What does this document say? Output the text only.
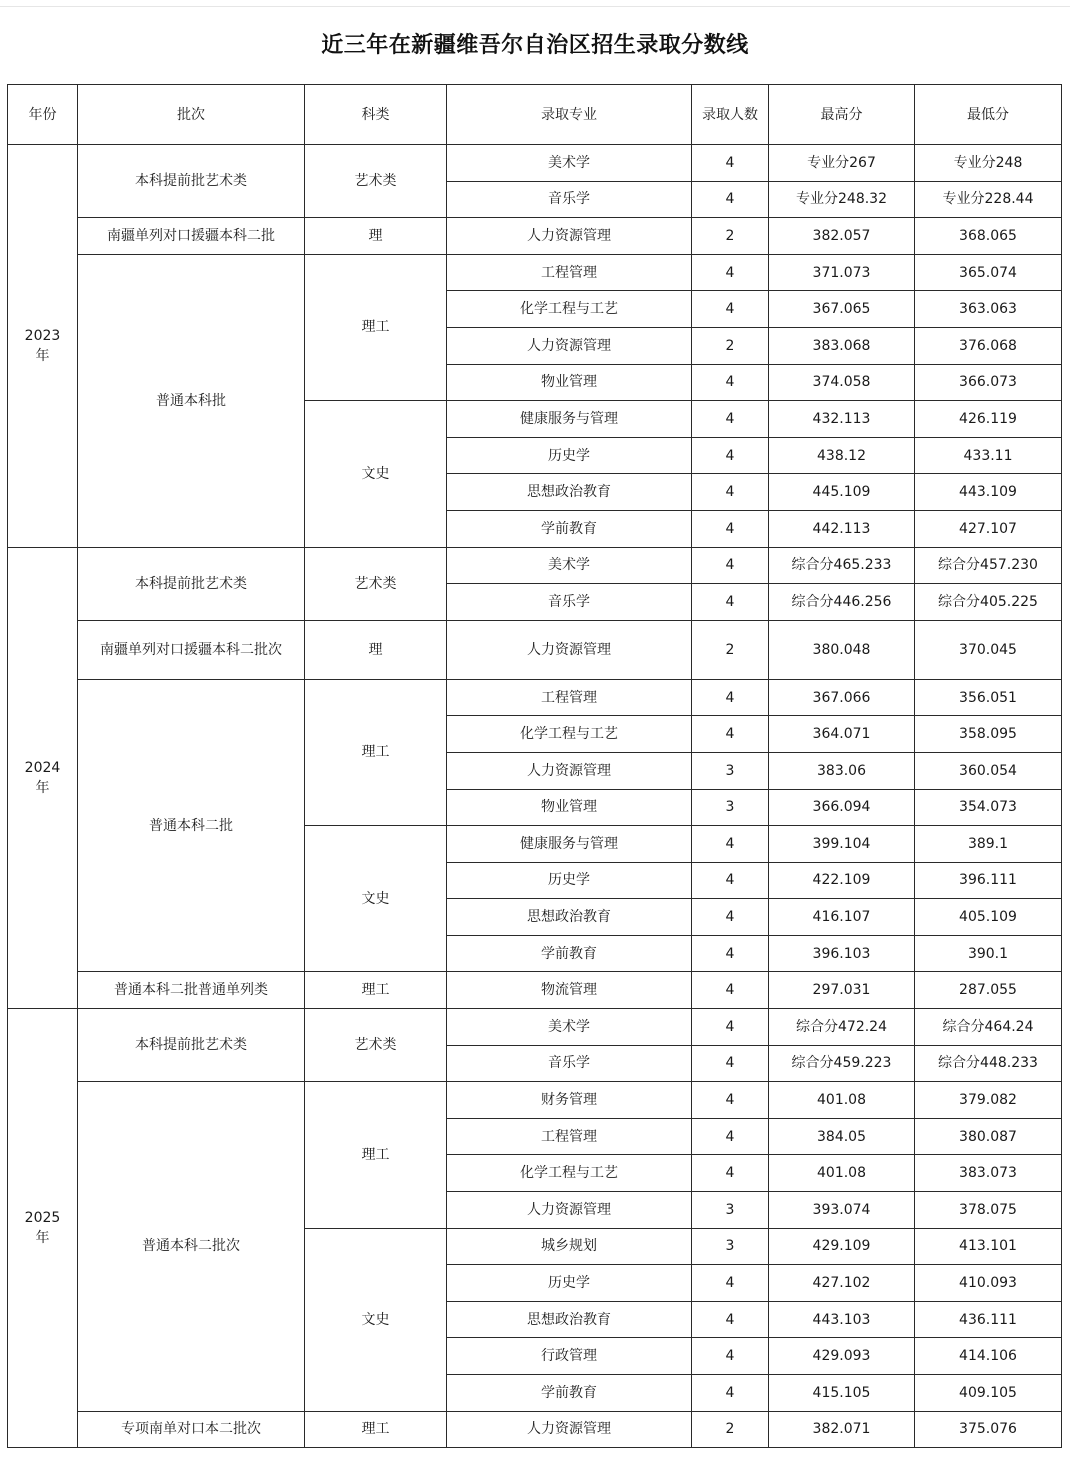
近三年在新疆维吾尔自治区招生录取分数线
年份	批次	科类	录取专业	录取人数	最高分	最低分
2023年	本科提前批艺术类	艺术类	美术学	4	专业分267	专业分248
			音乐学	4	专业分248.32	专业分228.44
	南疆单列对口援疆本科二批	理	人力资源管理	2	382.057	368.065
	普通本科批	理工	工程管理	4	371.073	365.074
			化学工程与工艺	4	367.065	363.063
			人力资源管理	2	383.068	376.068
			物业管理	4	374.058	366.073
		文史	健康服务与管理	4	432.113	426.119
			历史学	4	438.12	433.11
			思想政治教育	4	445.109	443.109
			学前教育	4	442.113	427.107
2024年	本科提前批艺术类	艺术类	美术学	4	综合分465.233	综合分457.230
			音乐学	4	综合分446.256	综合分405.225
	南疆单列对口援疆本科二批次	理	人力资源管理	2	380.048	370.045
	普通本科二批	理工	工程管理	4	367.066	356.051
			化学工程与工艺	4	364.071	358.095
			人力资源管理	3	383.06	360.054
			物业管理	3	366.094	354.073
		文史	健康服务与管理	4	399.104	389.1
			历史学	4	422.109	396.111
			思想政治教育	4	416.107	405.109
			学前教育	4	396.103	390.1
	普通本科二批普通单列类	理工	物流管理	4	297.031	287.055
2025年	本科提前批艺术类	艺术类	美术学	4	综合分472.24	综合分464.24
			音乐学	4	综合分459.223	综合分448.233
	普通本科二批次	理工	财务管理	4	401.08	379.082
			工程管理	4	384.05	380.087
			化学工程与工艺	4	401.08	383.073
			人力资源管理	3	393.074	378.075
		文史	城乡规划	3	429.109	413.101
			历史学	4	427.102	410.093
			思想政治教育	4	443.103	436.111
			行政管理	4	429.093	414.106
			学前教育	4	415.105	409.105
	专项南单对口本二批次	理工	人力资源管理	2	382.071	375.076
